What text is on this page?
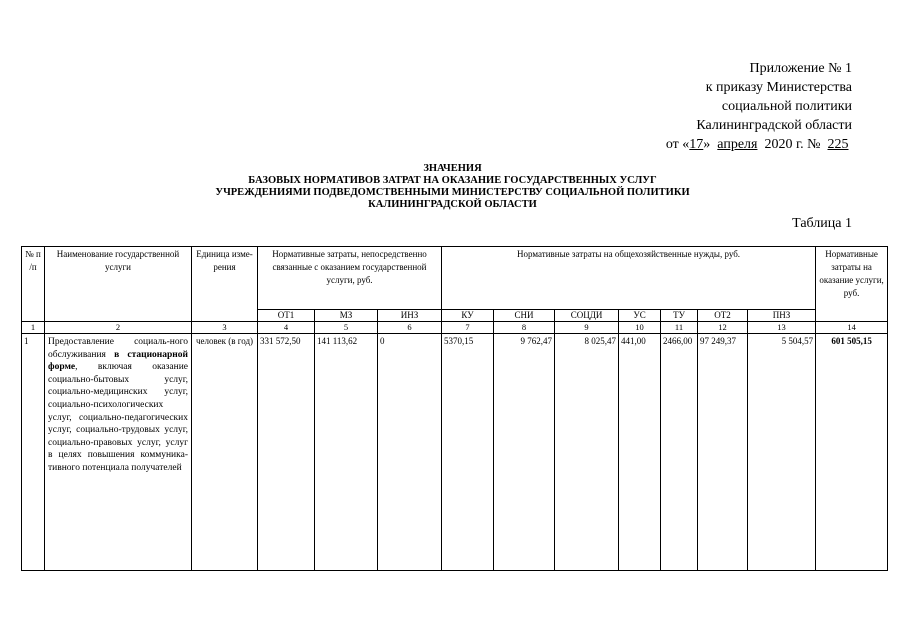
Приложение № 1
к приказу Министерства
социальной политики
Калининградской области
от «17» апреля 2020 г. № 225
ЗНАЧЕНИЯ
БАЗОВЫХ НОРМАТИВОВ ЗАТРАТ НА ОКАЗАНИЕ ГОСУДАРСТВЕННЫХ УСЛУГ
УЧРЕЖДЕНИЯМИ ПОДВЕДОМСТВЕННЫМИ МИНИСТЕРСТВУ СОЦИАЛЬНОЙ ПОЛИТИКИ
КАЛИНИНГРАДСКОЙ ОБЛАСТИ
Таблица 1
№ п /п	Наименование государственной услуги	Единица изме-рения	Нормативные затраты, непосредственно связанные с оказанием государственной услуги, руб.			Нормативные затраты на общехозяйственные нужды, руб.							Нормативные затраты на оказание услуги, руб.
			ОТ1	МЗ	ИНЗ	КУ	СНИ	СОЦДИ	УС	ТУ	ОТ2	ПНЗ	
1	2	3	4	5	6	7	8	9	10	11	12	13	14
1	Предоставление социаль-ного обслуживания в стационарной форме, включая оказание социально-бытовых услуг, социально-медицинских услуг, социально-психологических услуг, социально-педагогических услуг, социально-трудовых услуг, социально-правовых услуг, услуг в целях повышения коммуника-тивного потенциала получателей	человек (в год)	331 572,50	141 113,62	0	5370,15	9 762,47	8 025,47	441,00	2466,00	97 249,37	5 504,57	601 505,15
